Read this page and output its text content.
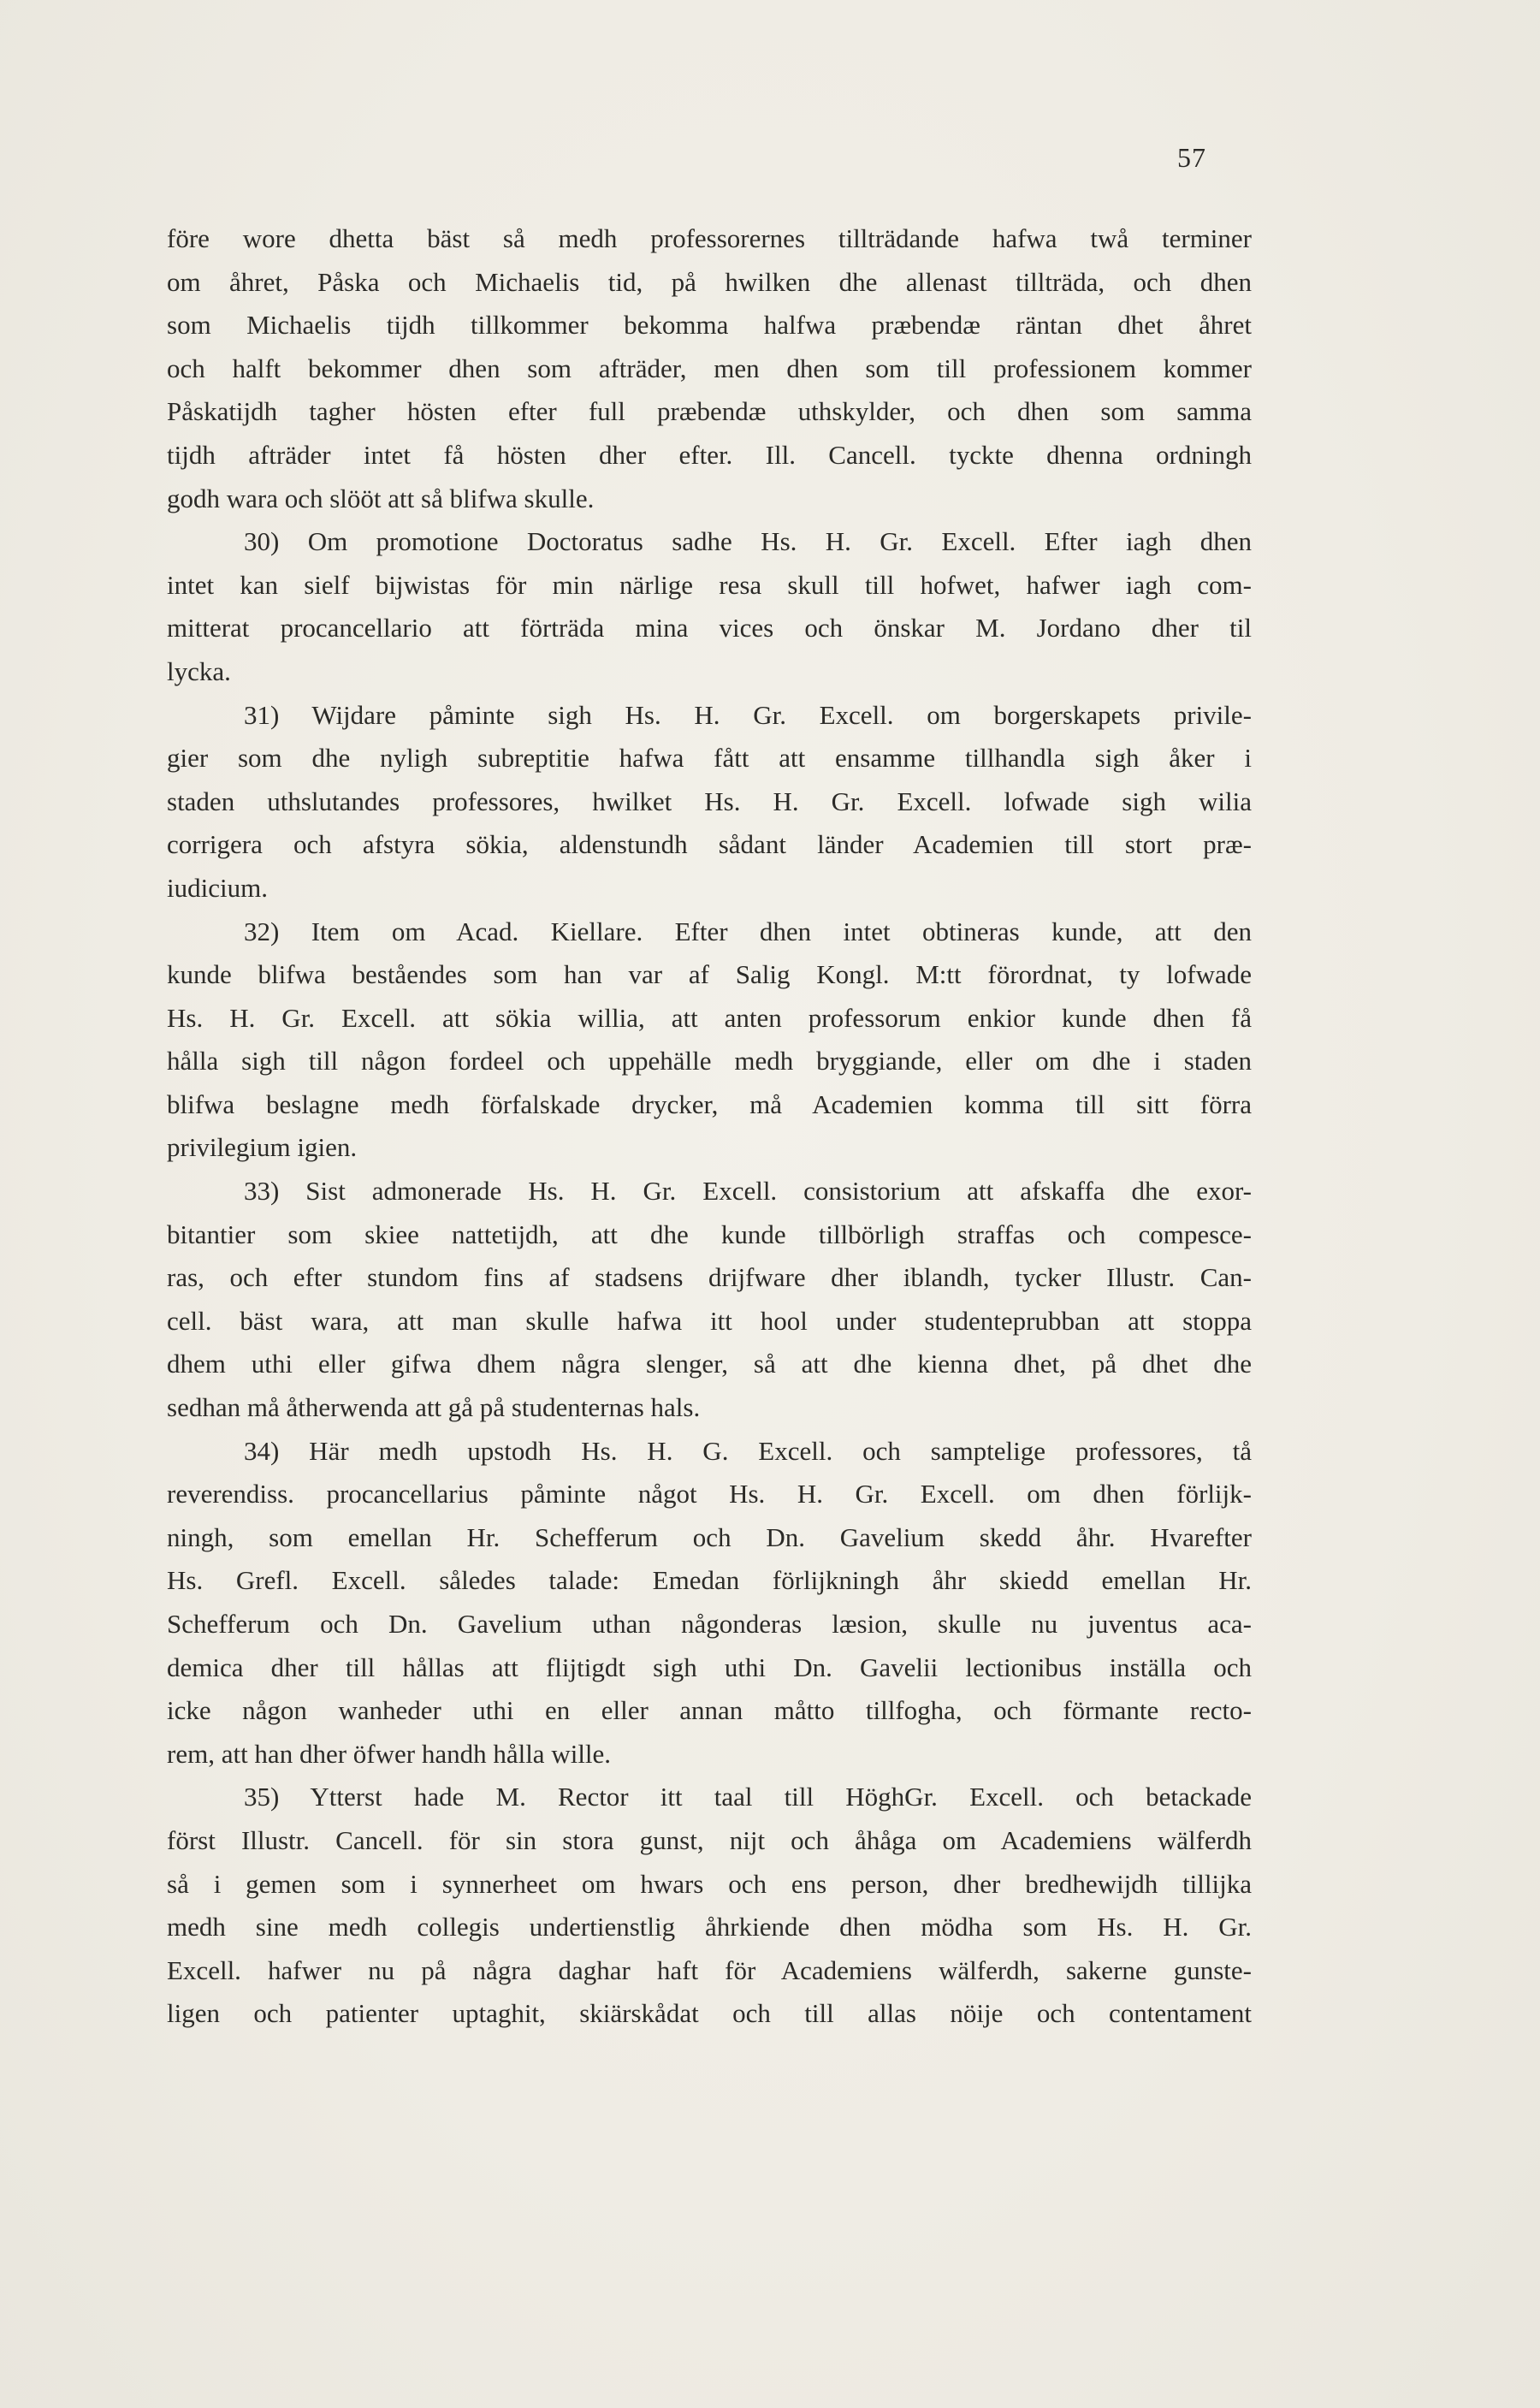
57
före wore dhetta bäst så medh professorernes tillträdande hafwa twå terminer
om åhret, Påska och Michaelis tid, på hwilken dhe allenast tillträda, och dhen
som Michaelis tijdh tillkommer bekomma halfwa præbendæ räntan dhet åhret
och halft bekommer dhen som afträder, men dhen som till professionem kommer
Påskatijdh tagher hösten efter full præbendæ uthskylder, och dhen som samma
tijdh afträder intet få hösten dher efter. Ill. Cancell. tyckte dhenna ordningh
godh wara och slööt att så blifwa skulle.
30) Om promotione Doctoratus sadhe Hs. H. Gr. Excell. Efter iagh dhen
intet kan sielf bijwistas för min närlige resa skull till hofwet, hafwer iagh com-
mitterat procancellario att förträda mina vices och önskar M. Jordano dher til
lycka.
31) Wijdare påminte sigh Hs. H. Gr. Excell. om borgerskapets privile-
gier som dhe nyligh subreptitie hafwa fått att ensamme tillhandla sigh åker i
staden uthslutandes professores, hwilket Hs. H. Gr. Excell. lofwade sigh wilia
corrigera och afstyra sökia, aldenstundh sådant länder Academien till stort præ-
iudicium.
32) Item om Acad. Kiellare. Efter dhen intet obtineras kunde, att den
kunde blifwa beståendes som han var af Salig Kongl. M:tt förordnat, ty lofwade
Hs. H. Gr. Excell. att sökia willia, att anten professorum enkior kunde dhen få
hålla sigh till någon fordeel och uppehälle medh bryggiande, eller om dhe i staden
blifwa beslagne medh förfalskade drycker, må Academien komma till sitt förra
privilegium igien.
33) Sist admonerade Hs. H. Gr. Excell. consistorium att afskaffa dhe exor-
bitantier som skiee nattetijdh, att dhe kunde tillbörligh straffas och compesce-
ras, och efter stundom fins af stadsens drijfware dher iblandh, tycker Illustr. Can-
cell. bäst wara, att man skulle hafwa itt hool under studenteprubban att stoppa
dhem uthi eller gifwa dhem några slenger, så att dhe kienna dhet, på dhet dhe
sedhan må åtherwenda att gå på studenternas hals.
34) Här medh upstodh Hs. H. G. Excell. och samptelige professores, tå
reverendiss. procancellarius påminte något Hs. H. Gr. Excell. om dhen förlijk-
ningh, som emellan Hr. Schefferum och Dn. Gavelium skedd åhr. Hvarefter
Hs. Grefl. Excell. således talade: Emedan förlijkningh åhr skiedd emellan Hr.
Schefferum och Dn. Gavelium uthan någonderas læsion, skulle nu juventus aca-
demica dher till hållas att flijtigdt sigh uthi Dn. Gavelii lectionibus inställa och
icke någon wanheder uthi en eller annan måtto tillfogha, och förmante recto-
rem, att han dher öfwer handh hålla wille.
35) Ytterst hade M. Rector itt taal till HöghGr. Excell. och betackade
först Illustr. Cancell. för sin stora gunst, nijt och åhåga om Academiens wälferdh
så i gemen som i synnerheet om hwars och ens person, dher bredhewijdh tillijka
medh sine medh collegis undertienstlig åhrkiende dhen mödha som Hs. H. Gr.
Excell. hafwer nu på några daghar haft för Academiens wälferdh, sakerne gunste-
ligen och patienter uptaghit, skiärskådat och till allas nöije och contentament
